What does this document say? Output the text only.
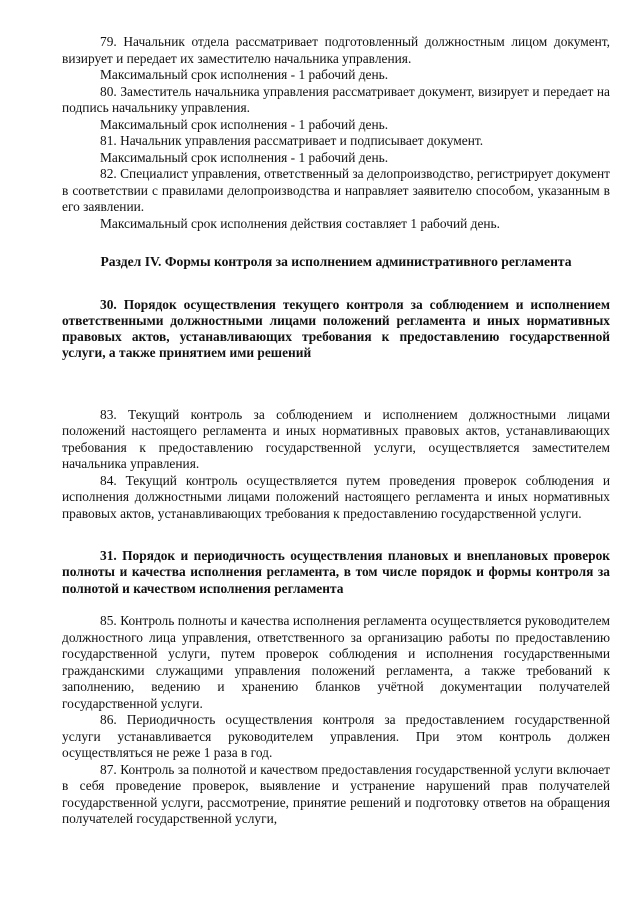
79. Начальник отдела рассматривает подготовленный должностным лицом документ, визирует и передает их заместителю начальника управления.

Максимальный срок исполнения - 1 рабочий день.

80. Заместитель начальника управления рассматривает документ, визирует и передает на подпись начальнику управления.

Максимальный срок исполнения - 1 рабочий день.

81. Начальник управления рассматривает и подписывает документ.

Максимальный срок исполнения - 1 рабочий день.

82. Специалист управления, ответственный за делопроизводство, регистрирует документ в соответствии с правилами делопроизводства и направляет заявителю способом, указанным в его заявлении.

Максимальный срок исполнения действия составляет 1 рабочий день.

Раздел IV. Формы контроля за исполнением административного регламента

30. Порядок осуществления текущего контроля за соблюдением и исполнением ответственными должностными лицами положений регламента и иных нормативных правовых актов, устанавливающих требования к предоставлению государственной услуги, а также принятием ими решений

83. Текущий контроль за соблюдением и исполнением должностными лицами положений настоящего регламента и иных нормативных правовых актов, устанавливающих требования к предоставлению государственной услуги, осуществляется заместителем начальника управления.

84. Текущий контроль осуществляется путем проведения проверок соблюдения и исполнения должностными лицами положений настоящего регламента и иных нормативных правовых актов, устанавливающих требования к предоставлению государственной услуги.

31. Порядок и периодичность осуществления плановых и внеплановых проверок полноты и качества исполнения регламента, в том числе порядок и формы контроля за полнотой и качеством исполнения регламента

85. Контроль полноты и качества исполнения регламента осуществляется руководителем должностного лица управления, ответственного за организацию работы по предоставлению государственной услуги, путем проверок соблюдения и исполнения государственными гражданскими служащими управления положений регламента, а также требований к заполнению, ведению и хранению бланков учётной документации получателей государственной услуги.

86. Периодичность осуществления контроля за предоставлением государственной услуги устанавливается руководителем управления. При этом контроль должен осуществляться не реже 1 раза в год.

87. Контроль за полнотой и качеством предоставления государственной услуги включает в себя проведение проверок, выявление и устранение нарушений прав получателей государственной услуги, рассмотрение, принятие решений и подготовку ответов на обращения получателей государственной услуги,
